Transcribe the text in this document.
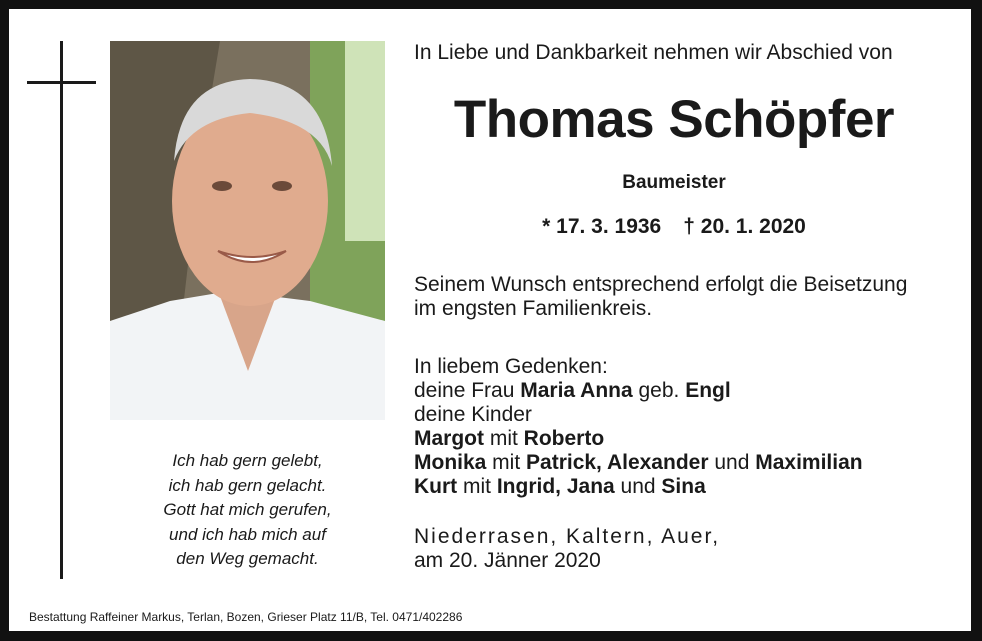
Ich hab gern gelebt,
ich hab gern gelacht.
Gott hat mich gerufen,
und ich hab mich auf
den Weg gemacht.
In Liebe und Dankbarkeit nehmen wir Abschied von
Thomas Schöpfer
Baumeister
* 17. 3. 1936 † 20. 1. 2020
Seinem Wunsch entsprechend erfolgt die Beisetzung
im engsten Familienkreis.
In liebem Gedenken:
deine Frau Maria Anna geb. Engl
deine Kinder
Margot mit Roberto
Monika mit Patrick, Alexander und Maximilian
Kurt mit Ingrid, Jana und Sina
Niederrasen, Kaltern, Auer,
am 20. Jänner 2020
Bestattung Raffeiner Markus, Terlan, Bozen, Grieser Platz 11/B, Tel. 0471/402286
